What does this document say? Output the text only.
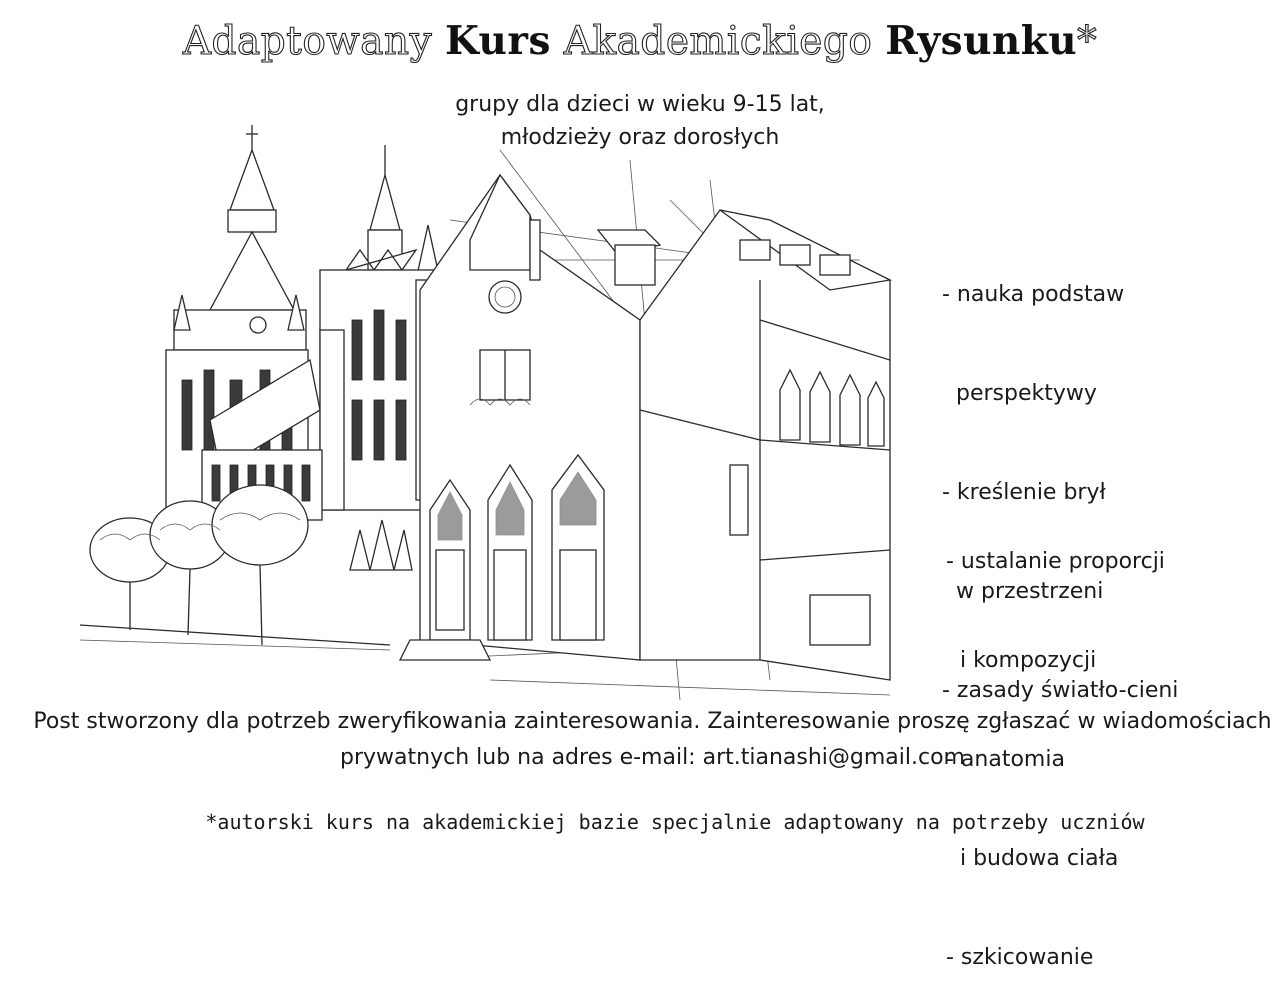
Adaptowany Kurs Akademickiego Rysunku*
grupy dla dzieci w wieku 9-15 lat,
młodzieży oraz dorosłych

- nauka podstaw

perspektywy

- kreślenie brył

w przestrzeni

- zasady światło-cieni

- ustalanie proporcji

i kompozycji

- anatomia

i budowa ciała

- szkicowanie

Post stworzony dla potrzeb zweryfikowania zainteresowania. Zainteresowanie proszę zgłaszać w wiadomościach
prywatnych lub na adres e-mail: art.tianashi@gmail.com
*autorski kurs na akademickiej bazie specjalnie adaptowany na potrzeby uczniów
